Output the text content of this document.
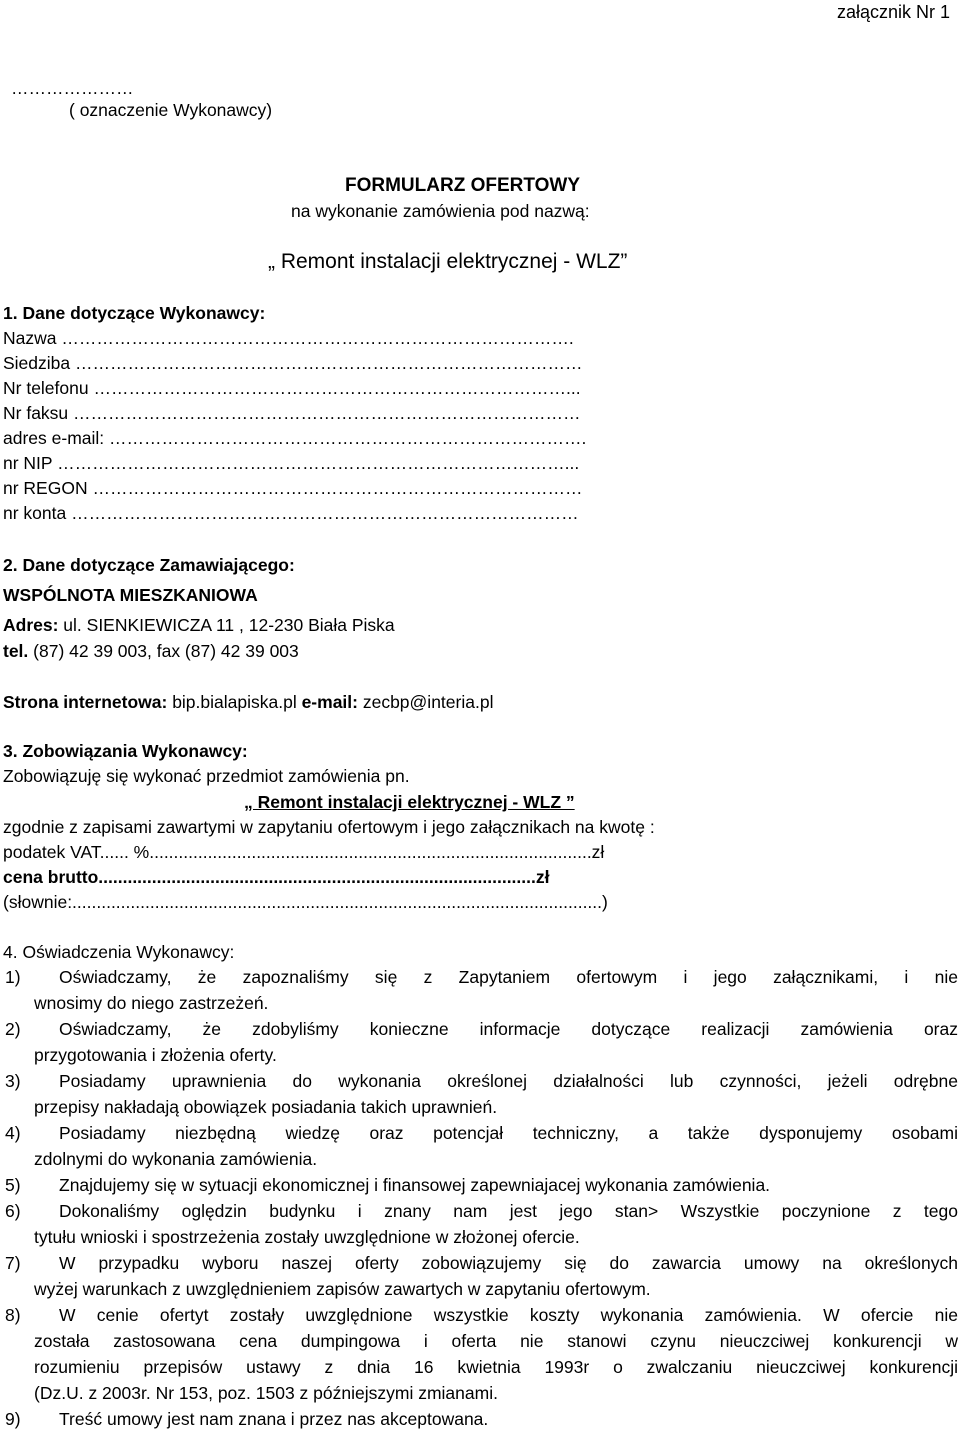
załącznik Nr 1
…………………
( oznaczenie Wykonawcy)
FORMULARZ OFERTOWY
na wykonanie zamówienia pod nazwą:
„ Remont instalacji elektrycznej - WLZ”
1. Dane dotyczące Wykonawcy:
Nazwa …………………………………………………………………………….
Siedziba ……………………………………………………………………………
Nr telefonu ………………………………………………………………………...
Nr faksu ……………………………………………………………………………
adres e-mail: ……………………………………………………………………….
nr NIP ……………………………………………………………………………...
nr REGON …………………………………………………………………………
nr konta ……………………………………………………………………………
2. Dane dotyczące Zamawiającego:
WSPÓLNOTA MIESZKANIOWA
Adres: ul. SIENKIEWICZA 11 , 12-230 Biała Piska
tel. (87) 42 39 003, fax (87) 42 39 003
Strona internetowa: bip.bialapiska.pl e-mail: zecbp@interia.pl
3. Zobowiązania Wykonawcy:
Zobowiązuję się wykonać przedmiot zamówienia pn.
„ Remont instalacji elektrycznej - WLZ ”
zgodnie z zapisami zawartymi w zapytaniu ofertowym i jego załącznikach na kwotę :
podatek VAT...... %...........................................................................................zł
cena brutto..........................................................................................zł
(słownie:.............................................................................................................)
4. Oświadczenia Wykonawcy:
1)	Oświadczamy, że zapoznaliśmy się z Zapytaniem ofertowym i jego załącznikami, i nie
wnosimy do niego zastrzeżeń.
2)	Oświadczamy, że zdobyliśmy konieczne informacje dotyczące realizacji zamówienia oraz
przygotowania i złożenia oferty.
3)	Posiadamy uprawnienia do wykonania określonej działalności lub czynności, jeżeli odrębne
przepisy nakładają obowiązek posiadania takich uprawnień.
4)	Posiadamy niezbędną wiedzę oraz potencjał techniczny, a także dysponujemy osobami
zdolnymi do wykonania zamówienia.
5)	Znajdujemy się w sytuacji ekonomicznej i finansowej zapewniajacej wykonania zamówienia.
6)	Dokonaliśmy oględzin budynku i znany nam jest jego stan> Wszystkie poczynione z tego
tytułu wnioski i spostrzeżenia zostały uwzględnione w złożonej ofercie.
7)	W przypadku wyboru naszej oferty zobowiązujemy się do zawarcia umowy na określonych
wyżej warunkach z uwzględnieniem zapisów zawartych w zapytaniu ofertowym.
8)	W cenie ofertyt zostały uwzględnione wszystkie koszty wykonania zamówienia. W ofercie nie
została zastosowana cena dumpingowa i oferta nie stanowi czynu nieuczciwej konkurencji w
rozumieniu przepisów ustawy z dnia 16 kwietnia 1993r o zwalczaniu nieuczciwej konkurencji
(Dz.U. z 2003r. Nr 153, poz. 1503 z późniejszymi zmianami.
9)	Treść umowy jest nam znana i przez nas akceptowana.
